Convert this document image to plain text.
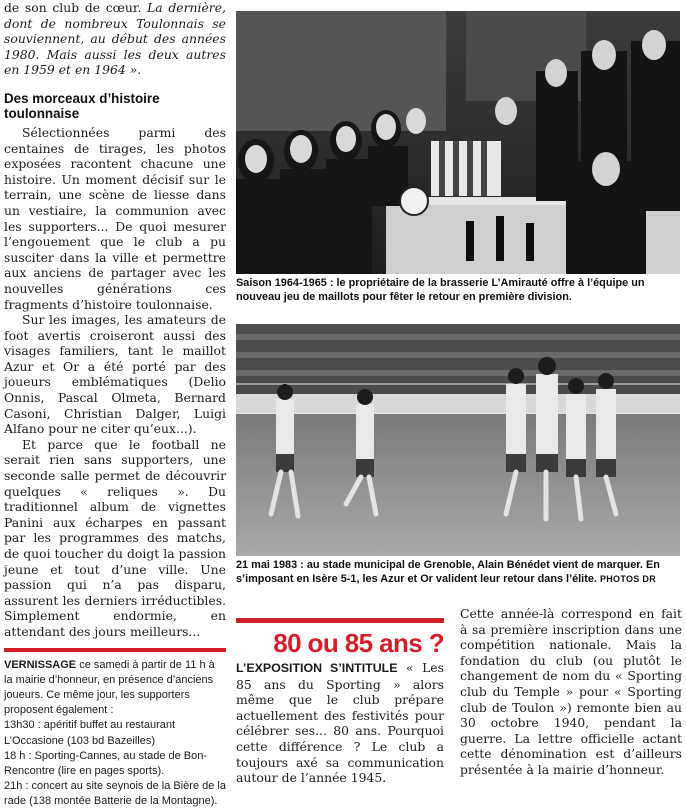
de son club de cœur. La dernière, dont de nombreux Toulonnais se souviennent, au début des années 1980. Mais aussi les deux autres en 1959 et en 1964 ».

Des morceaux d’histoire toulonnaise

Sélectionnées parmi des centaines de tirages, les photos exposées racontent chacune une histoire. Un moment décisif sur le terrain, une scène de liesse dans un vestiaire, la communion avec les supporters... De quoi mesurer l’engouement que le club a pu susciter dans la ville et permettre aux anciens de partager avec les nouvelles générations ces fragments d’histoire toulonnaise.

Sur les images, les amateurs de foot avertis croiseront aussi des visages familiers, tant le maillot Azur et Or a été porté par des joueurs emblématiques (Delio Onnis, Pascal Olmeta, Bernard Casoni, Christian Dalger, Luigi Alfano pour ne citer qu’eux...).

Et parce que le football ne serait rien sans supporters, une seconde salle permet de découvrir quelques « reliques ». Du traditionnel album de vignettes Panini aux écharpes en passant par les programmes des matchs, de quoi toucher du doigt la passion jeune et tout d’une ville. Une passion qui n’a pas disparu, assurent les derniers irréductibles. Simplement endormie, en attendant des jours meilleurs...

VERNISSAGE ce samedi à partir de 11 h à la mairie d’honneur, en présence d’anciens joueurs. Ce même jour, les supporters proposent également :

13h30 : apéritif buffet au restaurant L’Occasione (103 bd Bazeilles)

18 h : Sporting-Cannes, au stade de Bon-Rencontre (lire en pages sports).

21h : concert au site seynois de la Bière de la rade (138 montée Batterie de la Montagne).

Saison 1964-1965 : le propriétaire de la brasserie L’Amirauté offre à l’équipe un nouveau jeu de maillots pour fêter le retour en première division.
21 mai 1983 : au stade municipal de Grenoble, Alain Bénédet vient de marquer. En s’imposant en Isère 5-1, les Azur et Or valident leur retour dans l’élite. PHOTOS DR
80 ou 85 ans ?

L’EXPOSITION S’INTITULE « Les 85 ans du Sporting » alors même que le club prépare actuellement des festivités pour célébrer ses... 80 ans. Pourquoi cette différence ? Le club a toujours axé sa communication autour de l’année 1945.

Cette année-là correspond en fait à sa première inscription dans une compétition nationale. Mais la fondation du club (ou plutôt le changement de nom du « Sporting club du Temple » pour « Sporting club de Toulon ») remonte bien au 30 octobre 1940, pendant la guerre. La lettre officielle actant cette dénomination est d’ailleurs présentée à la mairie d’honneur.
